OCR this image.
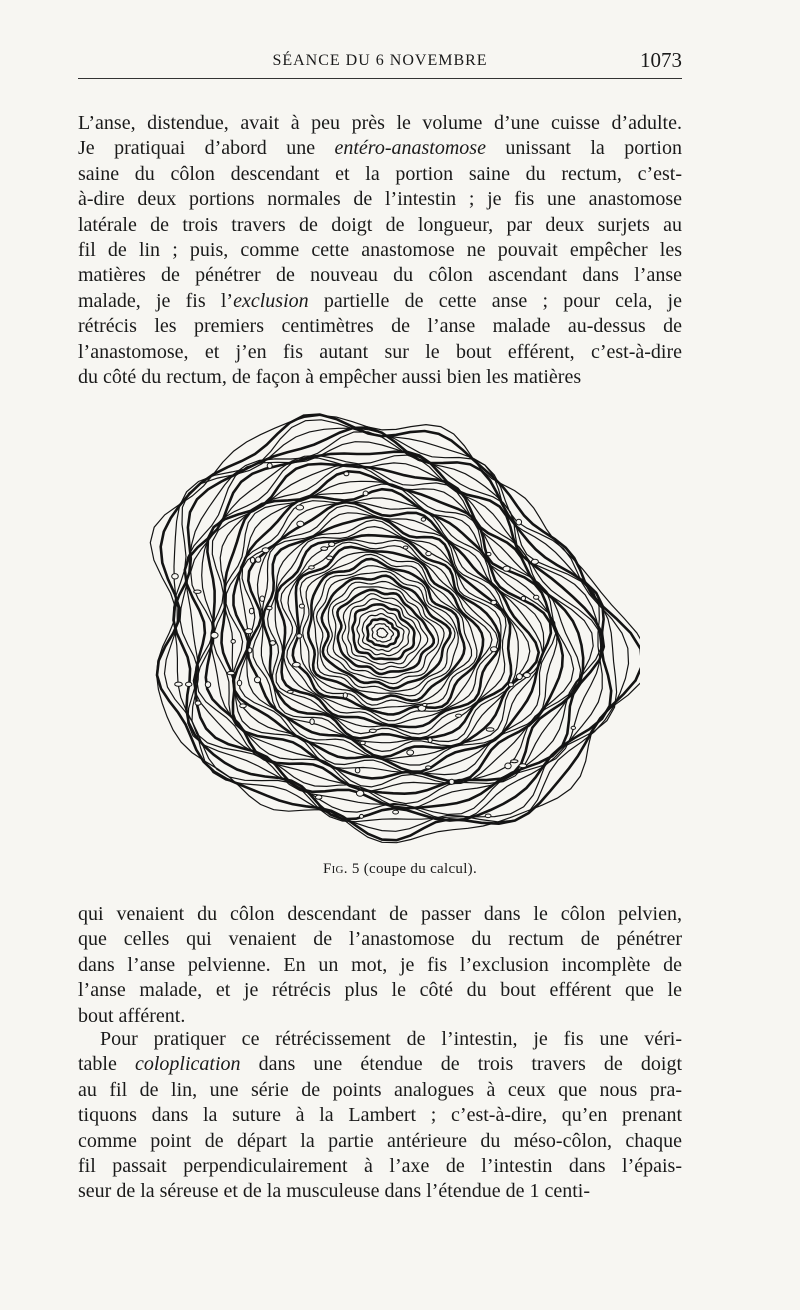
SÉANCE DU 6 NOVEMBRE	1073
L’anse, distendue, avait à peu près le volume d’une cuisse d’adulte.
Je pratiquai d’abord une entéro-anastomose unissant la portion
saine du côlon descendant et la portion saine du rectum, c’est-
à-dire deux portions normales de l’intestin ; je fis une anastomose
latérale de trois travers de doigt de longueur, par deux surjets au
fil de lin ; puis, comme cette anastomose ne pouvait empêcher les
matières de pénétrer de nouveau du côlon ascendant dans l’anse
malade, je fis l’exclusion partielle de cette anse ; pour cela, je
rétrécis les premiers centimètres de l’anse malade au-dessus de
l’anastomose, et j’en fis autant sur le bout efférent, c’est-à-dire
du côté du rectum, de façon à empêcher aussi bien les matières
Fig. 5 (coupe du calcul).
qui venaient du côlon descendant de passer dans le côlon pelvien,
que celles qui venaient de l’anastomose du rectum de pénétrer
dans l’anse pelvienne. En un mot, je fis l’exclusion incomplète de
l’anse malade, et je rétrécis plus le côté du bout efférent que le
bout afférent.
Pour pratiquer ce rétrécissement de l’intestin, je fis une véri-
table coloplication dans une étendue de trois travers de doigt
au fil de lin, une série de points analogues à ceux que nous pra-
tiquons dans la suture à la Lambert ; c’est-à-dire, qu’en prenant
comme point de départ la partie antérieure du méso-côlon, chaque
fil passait perpendiculairement à l’axe de l’intestin dans l’épais-
seur de la séreuse et de la musculeuse dans l’étendue de 1 centi-
